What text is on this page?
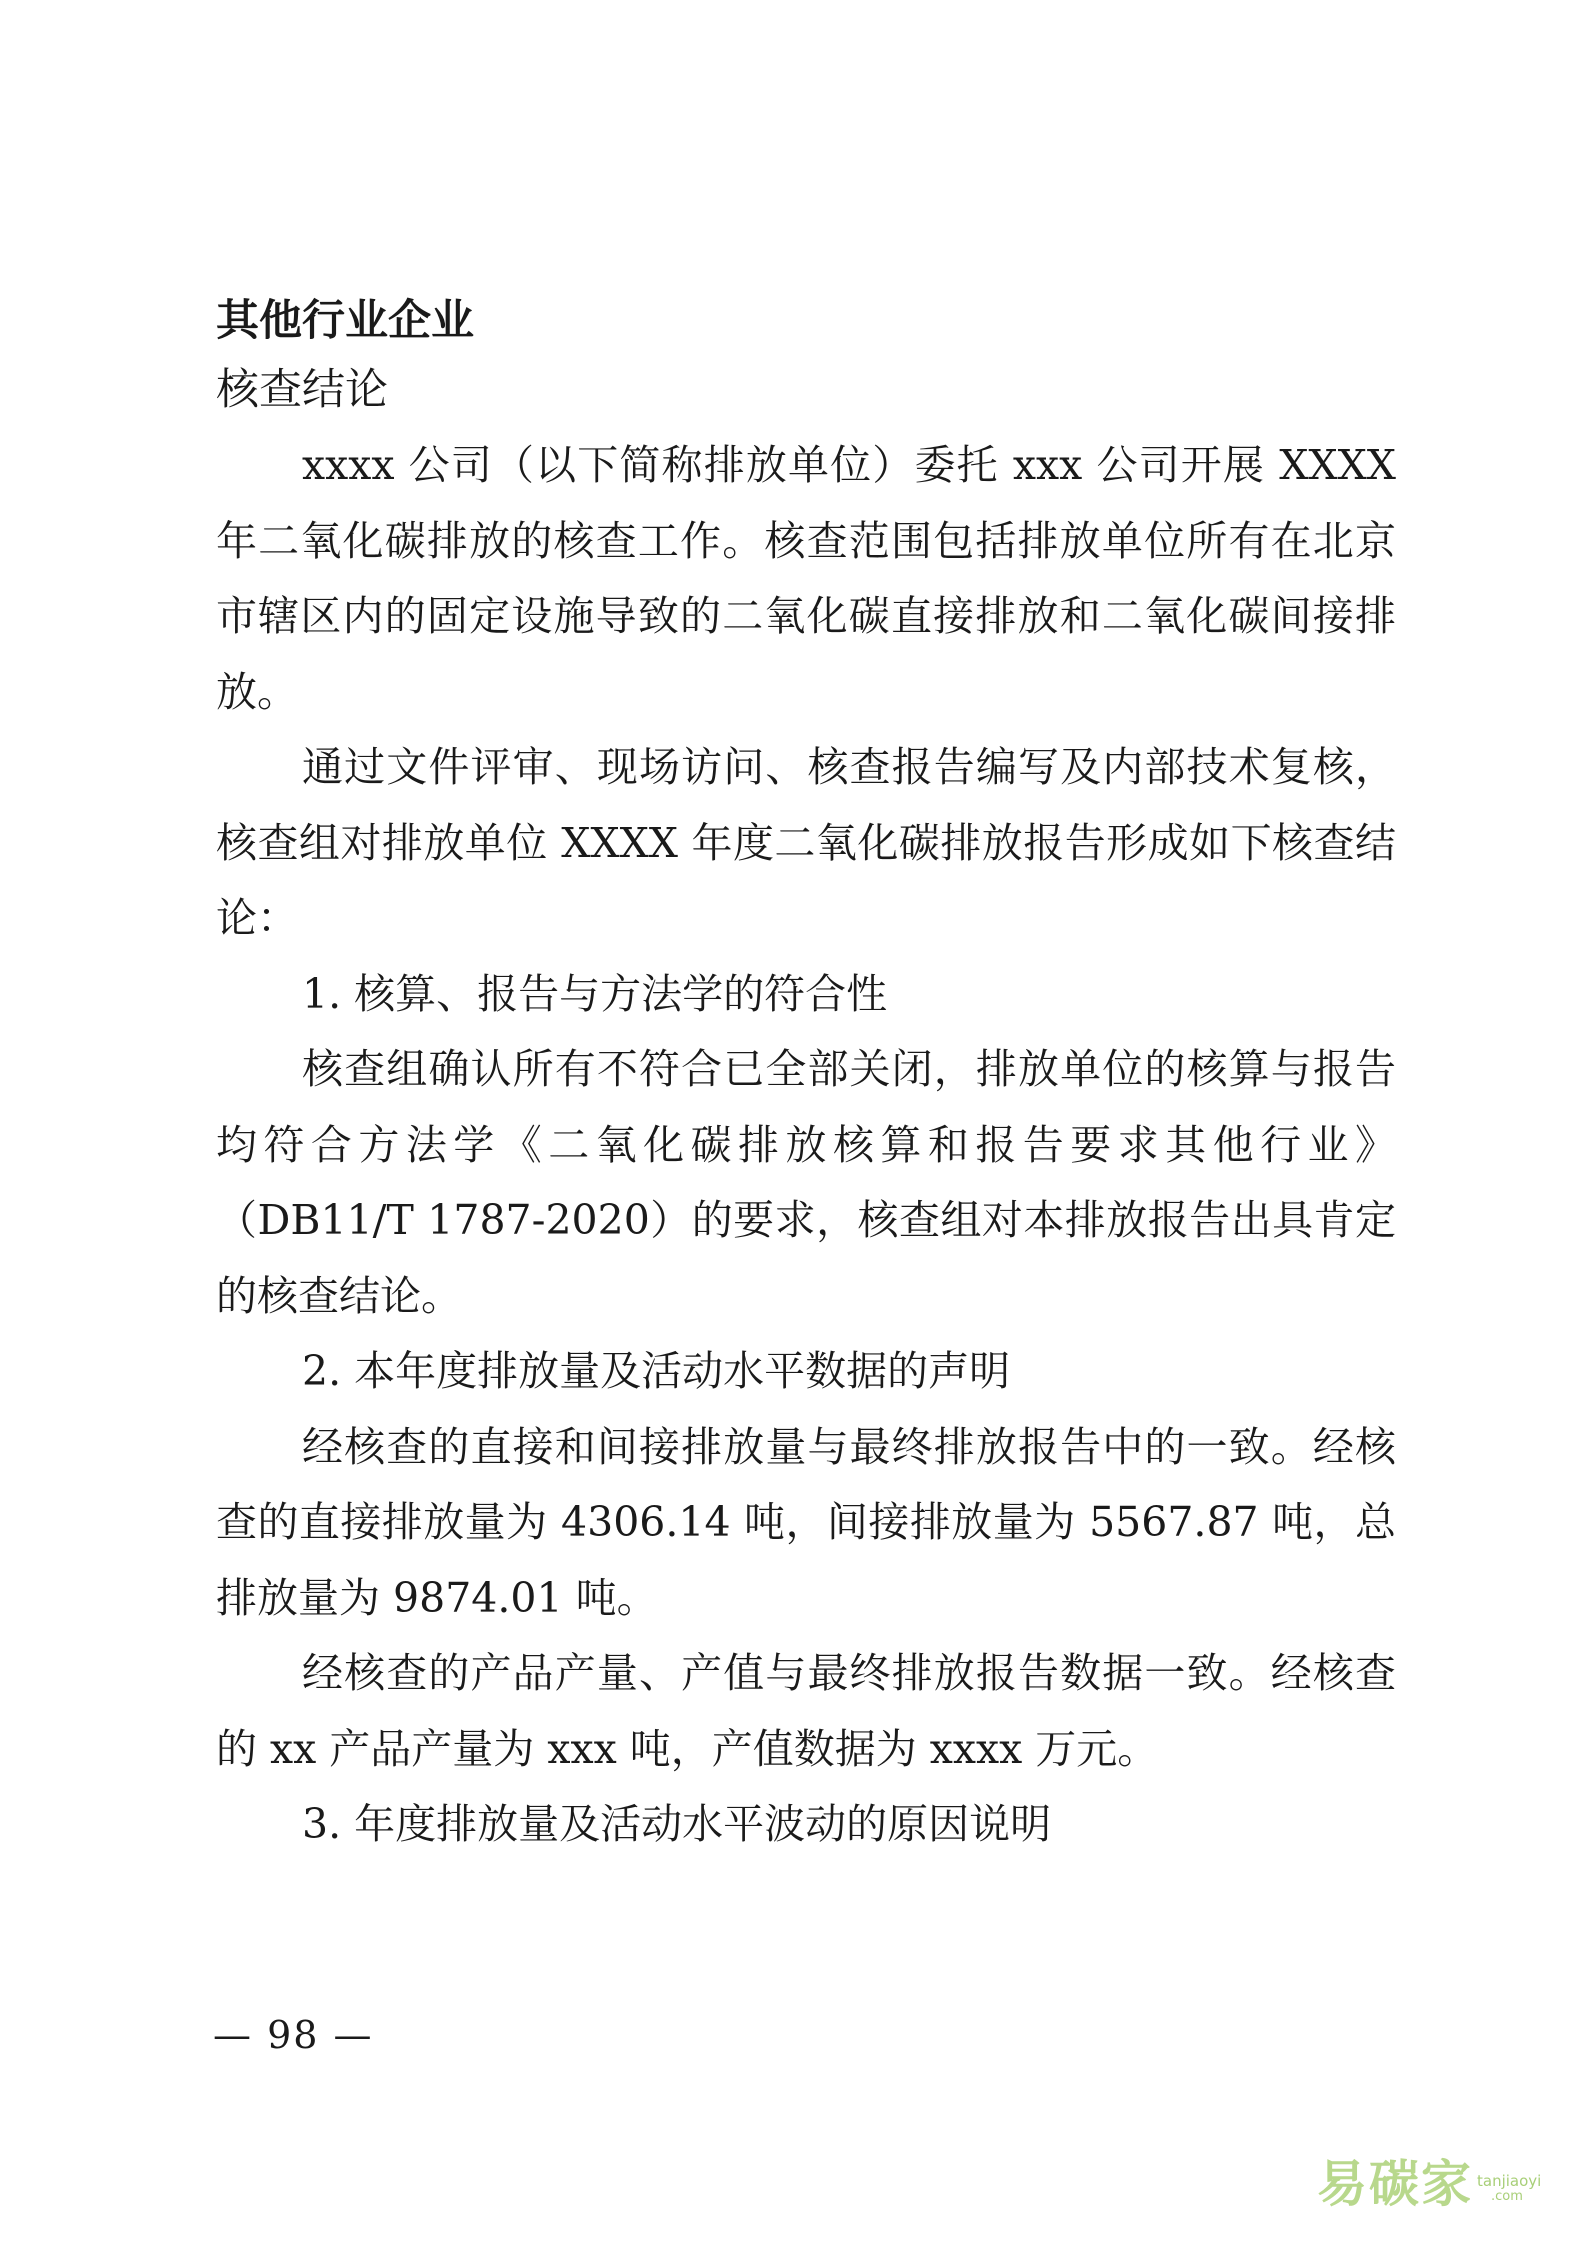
其他行业企业

核查结论

xxxx 公司（以下简称排放单位）委托 xxx 公司开展 XXXX 年二氧化碳排放的核查工作。核查范围包括排放单位所有在北京市辖区内的固定设施导致的二氧化碳直接排放和二氧化碳间接排放。

通过文件评审、现场访问、核查报告编写及内部技术复核，核查组对排放单位 XXXX 年度二氧化碳排放报告形成如下核查结论：

1. 核算、报告与方法学的符合性

核查组确认所有不符合已全部关闭，排放单位的核算与报告均符合方法学《二氧化碳排放核算和报告要求其他行业》（DB11/T 1787-2020）的要求，核查组对本排放报告出具肯定的核查结论。

2. 本年度排放量及活动水平数据的声明

经核查的直接和间接排放量与最终排放报告中的一致。经核查的直接排放量为 4306.14 吨，间接排放量为 5567.87 吨，总排放量为 9874.01 吨。

经核查的产品产量、产值与最终排放报告数据一致。经核查的 xx 产品产量为 xxx 吨，产值数据为 xxxx 万元。

3. 年度排放量及活动水平波动的原因说明

— 98 —
易碳家 tanjiaoyi
.com
